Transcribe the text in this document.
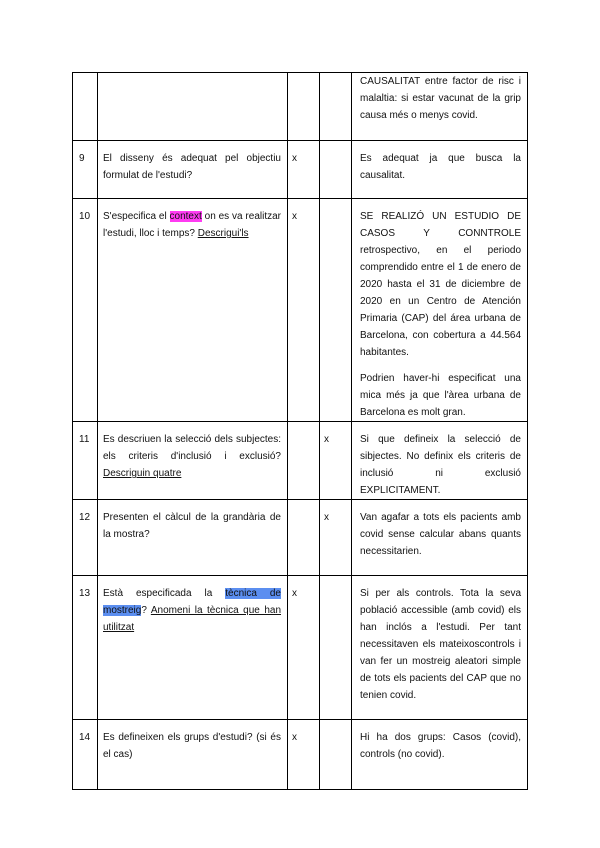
				CAUSALITAT entre factor de risc i malaltia: si estar vacunat de la grip causa més o menys covid.

9	El disseny és adequat pel objectiu formulat de l'estudi?	x		Es adequat ja que busca la causalitat.

10	S'especifica el context on es va realitzar l'estudi, lloc i temps? Descrigui'ls	x		SE REALIZÓ UN ESTUDIO DE CASOS Y CONNTROLE retrospectivo, en el periodo comprendido entre el 1 de enero de 2020 hasta el 31 de diciembre de 2020 en un Centro de Atención Primaria (CAP) del área urbana de Barcelona, con cobertura a 44.564 habitantes.

Podrien haver-hi especificat una mica més ja que l'àrea urbana de Barcelona es molt gran.

11	Es descriuen la selecció dels subjectes: els criteris d'inclusió i exclusió? Descriguin quatre		x	Si que defineix la selecció de sibjectes. No definix els criteris de inclusió ni exclusió EXPLICITAMENT.

12	Presenten el càlcul de la grandària de la mostra?		x	Van agafar a tots els pacients amb covid sense calcular abans quants necessitarien.

13	Està especificada la tècnica de mostreig? Anomeni la tècnica que han utilitzat	x		Si per als controls. Tota la seva població accessible (amb covid) els han inclós a l'estudi. Per tant necessitaven els mateixoscontrols i van fer un mostreig aleatori simple de tots els pacients del CAP que no tenien covid.

14	Es defineixen els grups d'estudi? (si és el cas)	x		Hi ha dos grups: Casos (covid), controls (no covid).
